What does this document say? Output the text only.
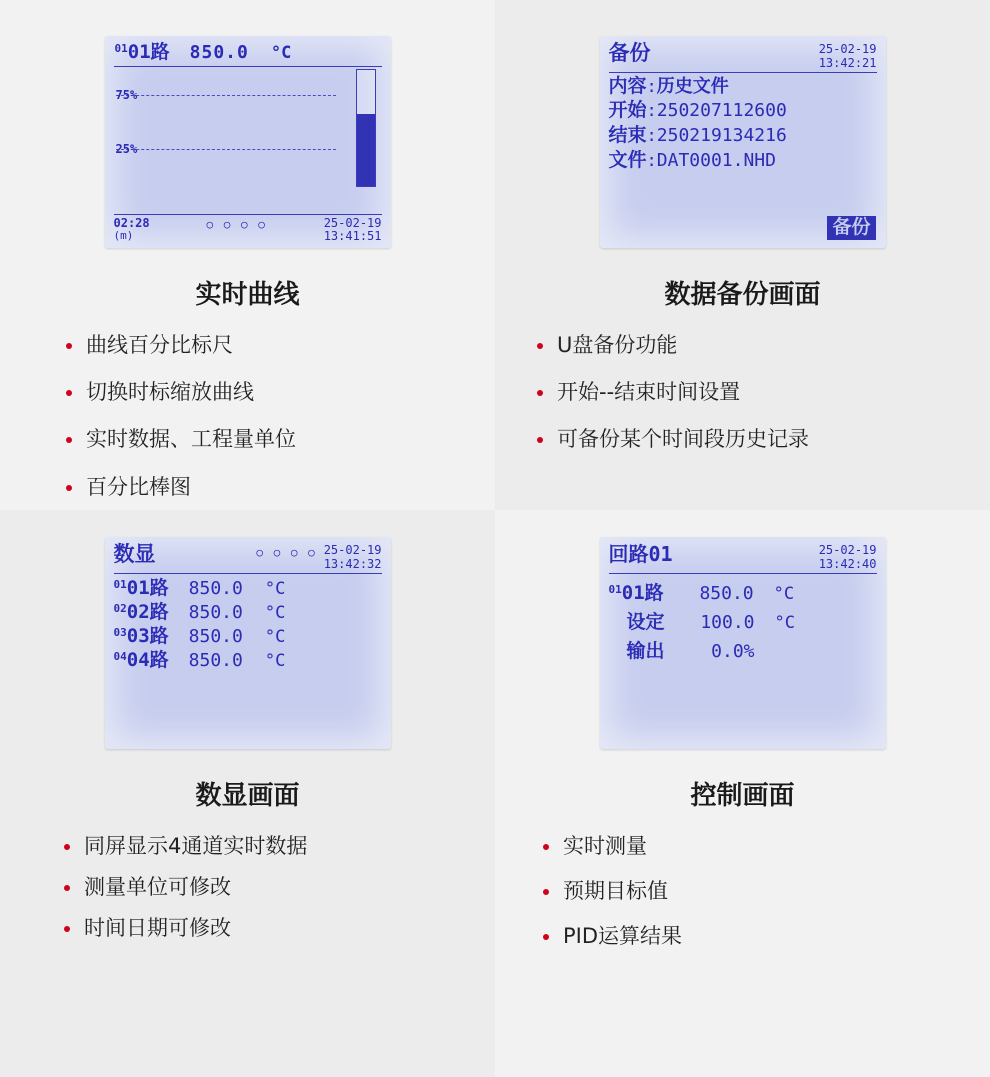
01 01路 850.0 °C
75%
25%
02:28
(m)
○ ○ ○ ○	25-02-19
13:41:51
实时曲线
曲线百分比标尺
切换时标缩放曲线
实时数据、工程量单位
百分比棒图
备份	25-02-19
13:42:21
内容 : 历史文件
开始 : 250207112600
结束 : 250219134216
文件 : DAT0001.NHD
备份
数据备份画面
U盘备份功能
开始--结束时间设置
可备份某个时间段历史记录
数显	○ ○ ○ ○ 25-02-19
13:42:32
01 01路 850.0 °C
02 02路 850.0 °C
03 03路 850.0 °C
04 04路 850.0 °C
数显画面
同屏显示4通道实时数据
测量单位可修改
时间日期可修改
回路01	25-02-19
13:42:40
01 01路	850.0 °C
设定	100.0 °C
输出	0.0%
控制画面
实时测量
预期目标值
PID运算结果
